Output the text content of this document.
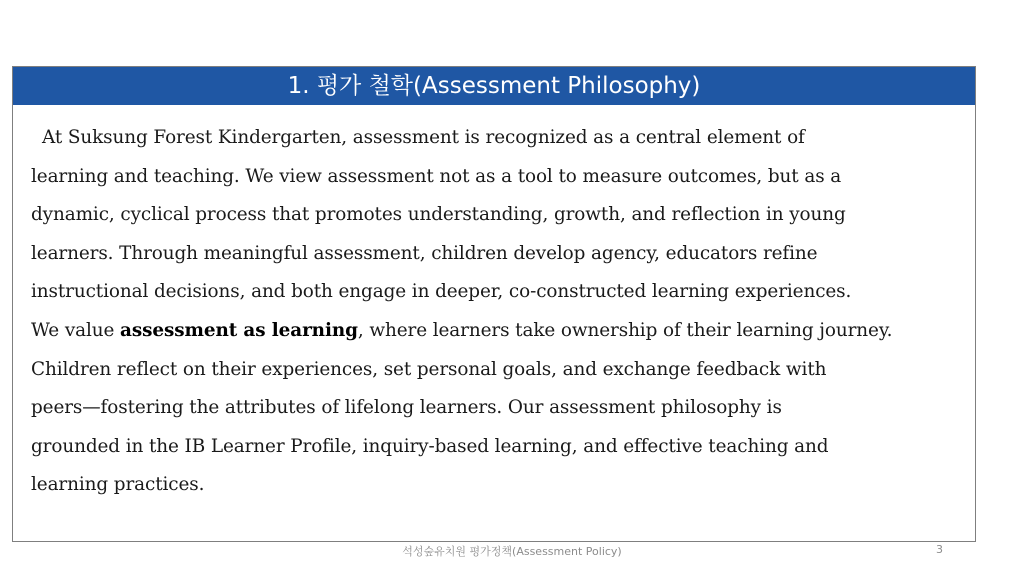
1. 평가 철학(Assessment Philosophy)
At Suksung Forest Kindergarten, assessment is recognized as a central element of
learning and teaching. We view assessment not as a tool to measure outcomes, but as a
dynamic, cyclical process that promotes understanding, growth, and reflection in young
learners. Through meaningful assessment, children develop agency, educators refine
instructional decisions, and both engage in deeper, co-constructed learning experiences.
We value assessment as learning, where learners take ownership of their learning journey.
Children reflect on their experiences, set personal goals, and exchange feedback with
peers—fostering the attributes of lifelong learners. Our assessment philosophy is
grounded in the IB Learner Profile, inquiry-based learning, and effective teaching and
learning practices.
석성숲유치원 평가정책(Assessment Policy)	3
